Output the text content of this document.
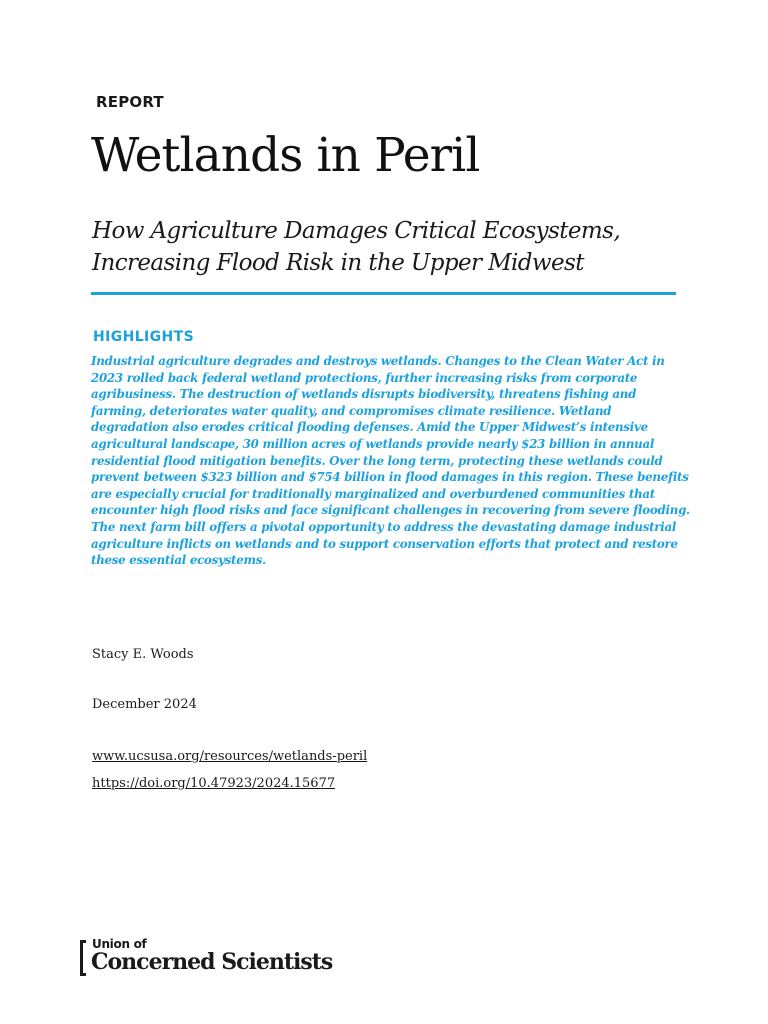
REPORT
Wetlands in Peril
How Agriculture Damages Critical Ecosystems,
Increasing Flood Risk in the Upper Midwest
HIGHLIGHTS
Industrial agriculture degrades and destroys wetlands. Changes to the Clean Water Act in 2023 rolled back federal wetland protections, further increasing risks from corporate agribusiness. The destruction of wetlands disrupts biodiversity, threatens fishing and farming, deteriorates water quality, and compromises climate resilience. Wetland degradation also erodes critical flooding defenses. Amid the Upper Midwest’s intensive agricultural landscape, 30 million acres of wetlands provide nearly $23 billion in annual residential flood mitigation benefits. Over the long term, protecting these wetlands could prevent between $323 billion and $754 billion in flood damages in this region. These benefits are especially crucial for traditionally marginalized and overburdened communities that encounter high flood risks and face significant challenges in recovering from severe flooding. The next farm bill offers a pivotal opportunity to address the devastating damage industrial agriculture inflicts on wetlands and to support conservation efforts that protect and restore these essential ecosystems.
Stacy E. Woods
December 2024
www.ucsusa.org/resources/wetlands-peril
https://doi.org/10.47923/2024.15677
Union of
Concerned Scientists
